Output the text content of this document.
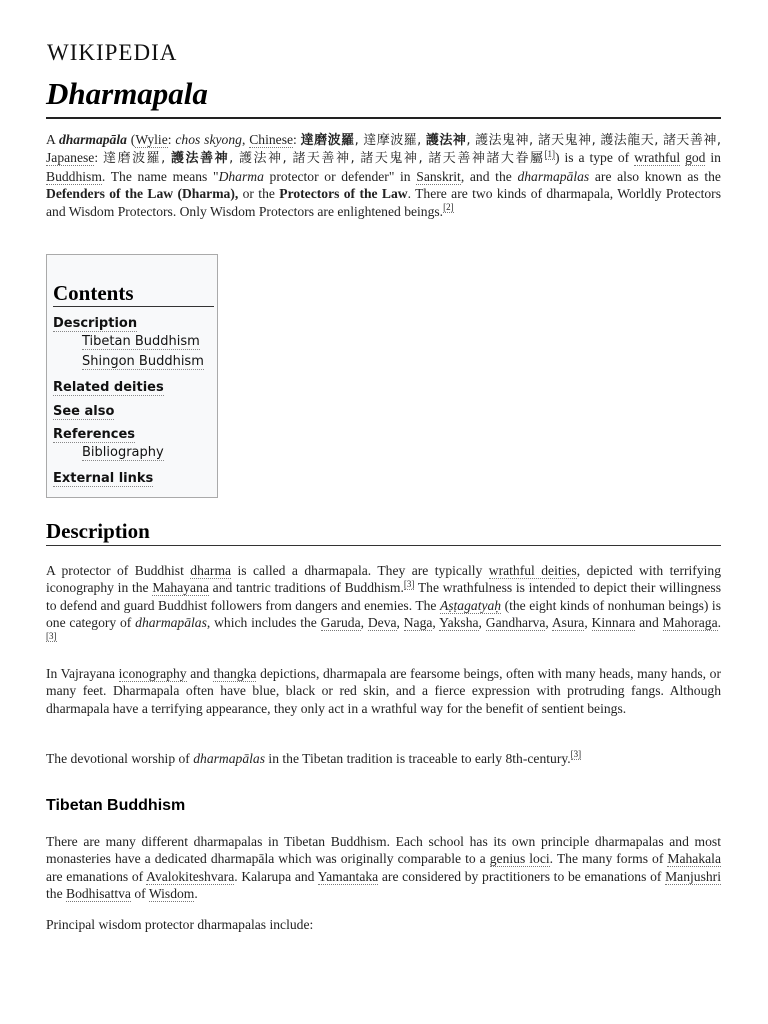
WIKIPEDIA
Dharmapala

A dharmapāla (Wylie: chos skyong, Chinese: 達磨波羅, 達摩波羅, 護法神, 護法鬼神, 諸天鬼神, 護法龍天, 諸天善神, Japanese: 達磨波羅, 護法善神, 護法神, 諸天善神, 諸天鬼神, 諸天善神諸大眷屬[1]) is a type of wrathful god in Buddhism. The name means "Dharma protector or defender" in Sanskrit, and the dharmapālas are also known as the Defenders of the Law (Dharma), or the Protectors of the Law. There are two kinds of dharmapala, Worldly Protectors and Wisdom Protectors. Only Wisdom Protectors are enlightened beings.[2]

Contents
Description
Tibetan Buddhism
Shingon Buddhism
Related deities
See also
References
Bibliography
External links
Description

A protector of Buddhist dharma is called a dharmapala. They are typically wrathful deities, depicted with terrifying iconography in the Mahayana and tantric traditions of Buddhism.[3] The wrathfulness is intended to depict their willingness to defend and guard Buddhist followers from dangers and enemies. The Aṣṭagatyaḥ (the eight kinds of nonhuman beings) is one category of dharmapālas, which includes the Garuda, Deva, Naga, Yaksha, Gandharva, Asura, Kinnara and Mahoraga.[3]

In Vajrayana iconography and thangka depictions, dharmapala are fearsome beings, often with many heads, many hands, or many feet. Dharmapala often have blue, black or red skin, and a fierce expression with protruding fangs. Although dharmapala have a terrifying appearance, they only act in a wrathful way for the benefit of sentient beings.

The devotional worship of dharmapālas in the Tibetan tradition is traceable to early 8th-century.[3]

Tibetan Buddhism

There are many different dharmapalas in Tibetan Buddhism. Each school has its own principle dharmapalas and most monasteries have a dedicated dharmapāla which was originally comparable to a genius loci. The many forms of Mahakala are emanations of Avalokiteshvara. Kalarupa and Yamantaka are considered by practitioners to be emanations of Manjushri the Bodhisattva of Wisdom.

Principal wisdom protector dharmapalas include:
